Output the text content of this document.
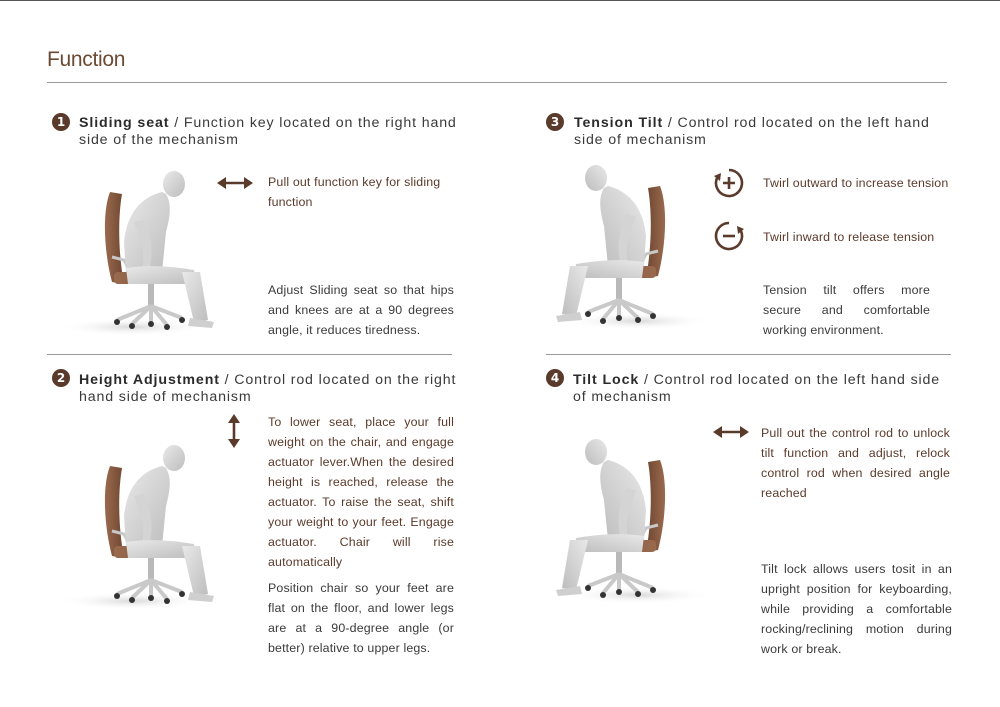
Function
1 Sliding seat / Function key located on the right hand side of the mechanism
Pull out function key for sliding function
Adjust Sliding seat so that hips and knees are at a 90 degrees angle, it reduces tiredness.
2 Height Adjustment / Control rod located on the right hand side of mechanism
To lower seat, place your full weight on the chair, and engage actuator lever.When the desired height is reached, release the actuator. To raise the seat, shift your weight to your feet. Engage actuator. Chair will rise automatically
Position chair so your feet are flat on the floor, and lower legs are at a 90-degree angle (or better) relative to upper legs.
3	Tension Tilt / Control rod located on the left hand side of mechanism
Twirl outward to increase tension
Twirl inward to release tension
Tension tilt offers more secure and comfortable working environment.
4 Tilt Lock / Control rod located on the left hand side of mechanism
Pull out the control rod to unlock tilt function and adjust, relock control rod when desired angle reached
Tilt lock allows users tosit in an upright position for keyboarding, while providing a comfortable rocking/reclining motion during work or break.
